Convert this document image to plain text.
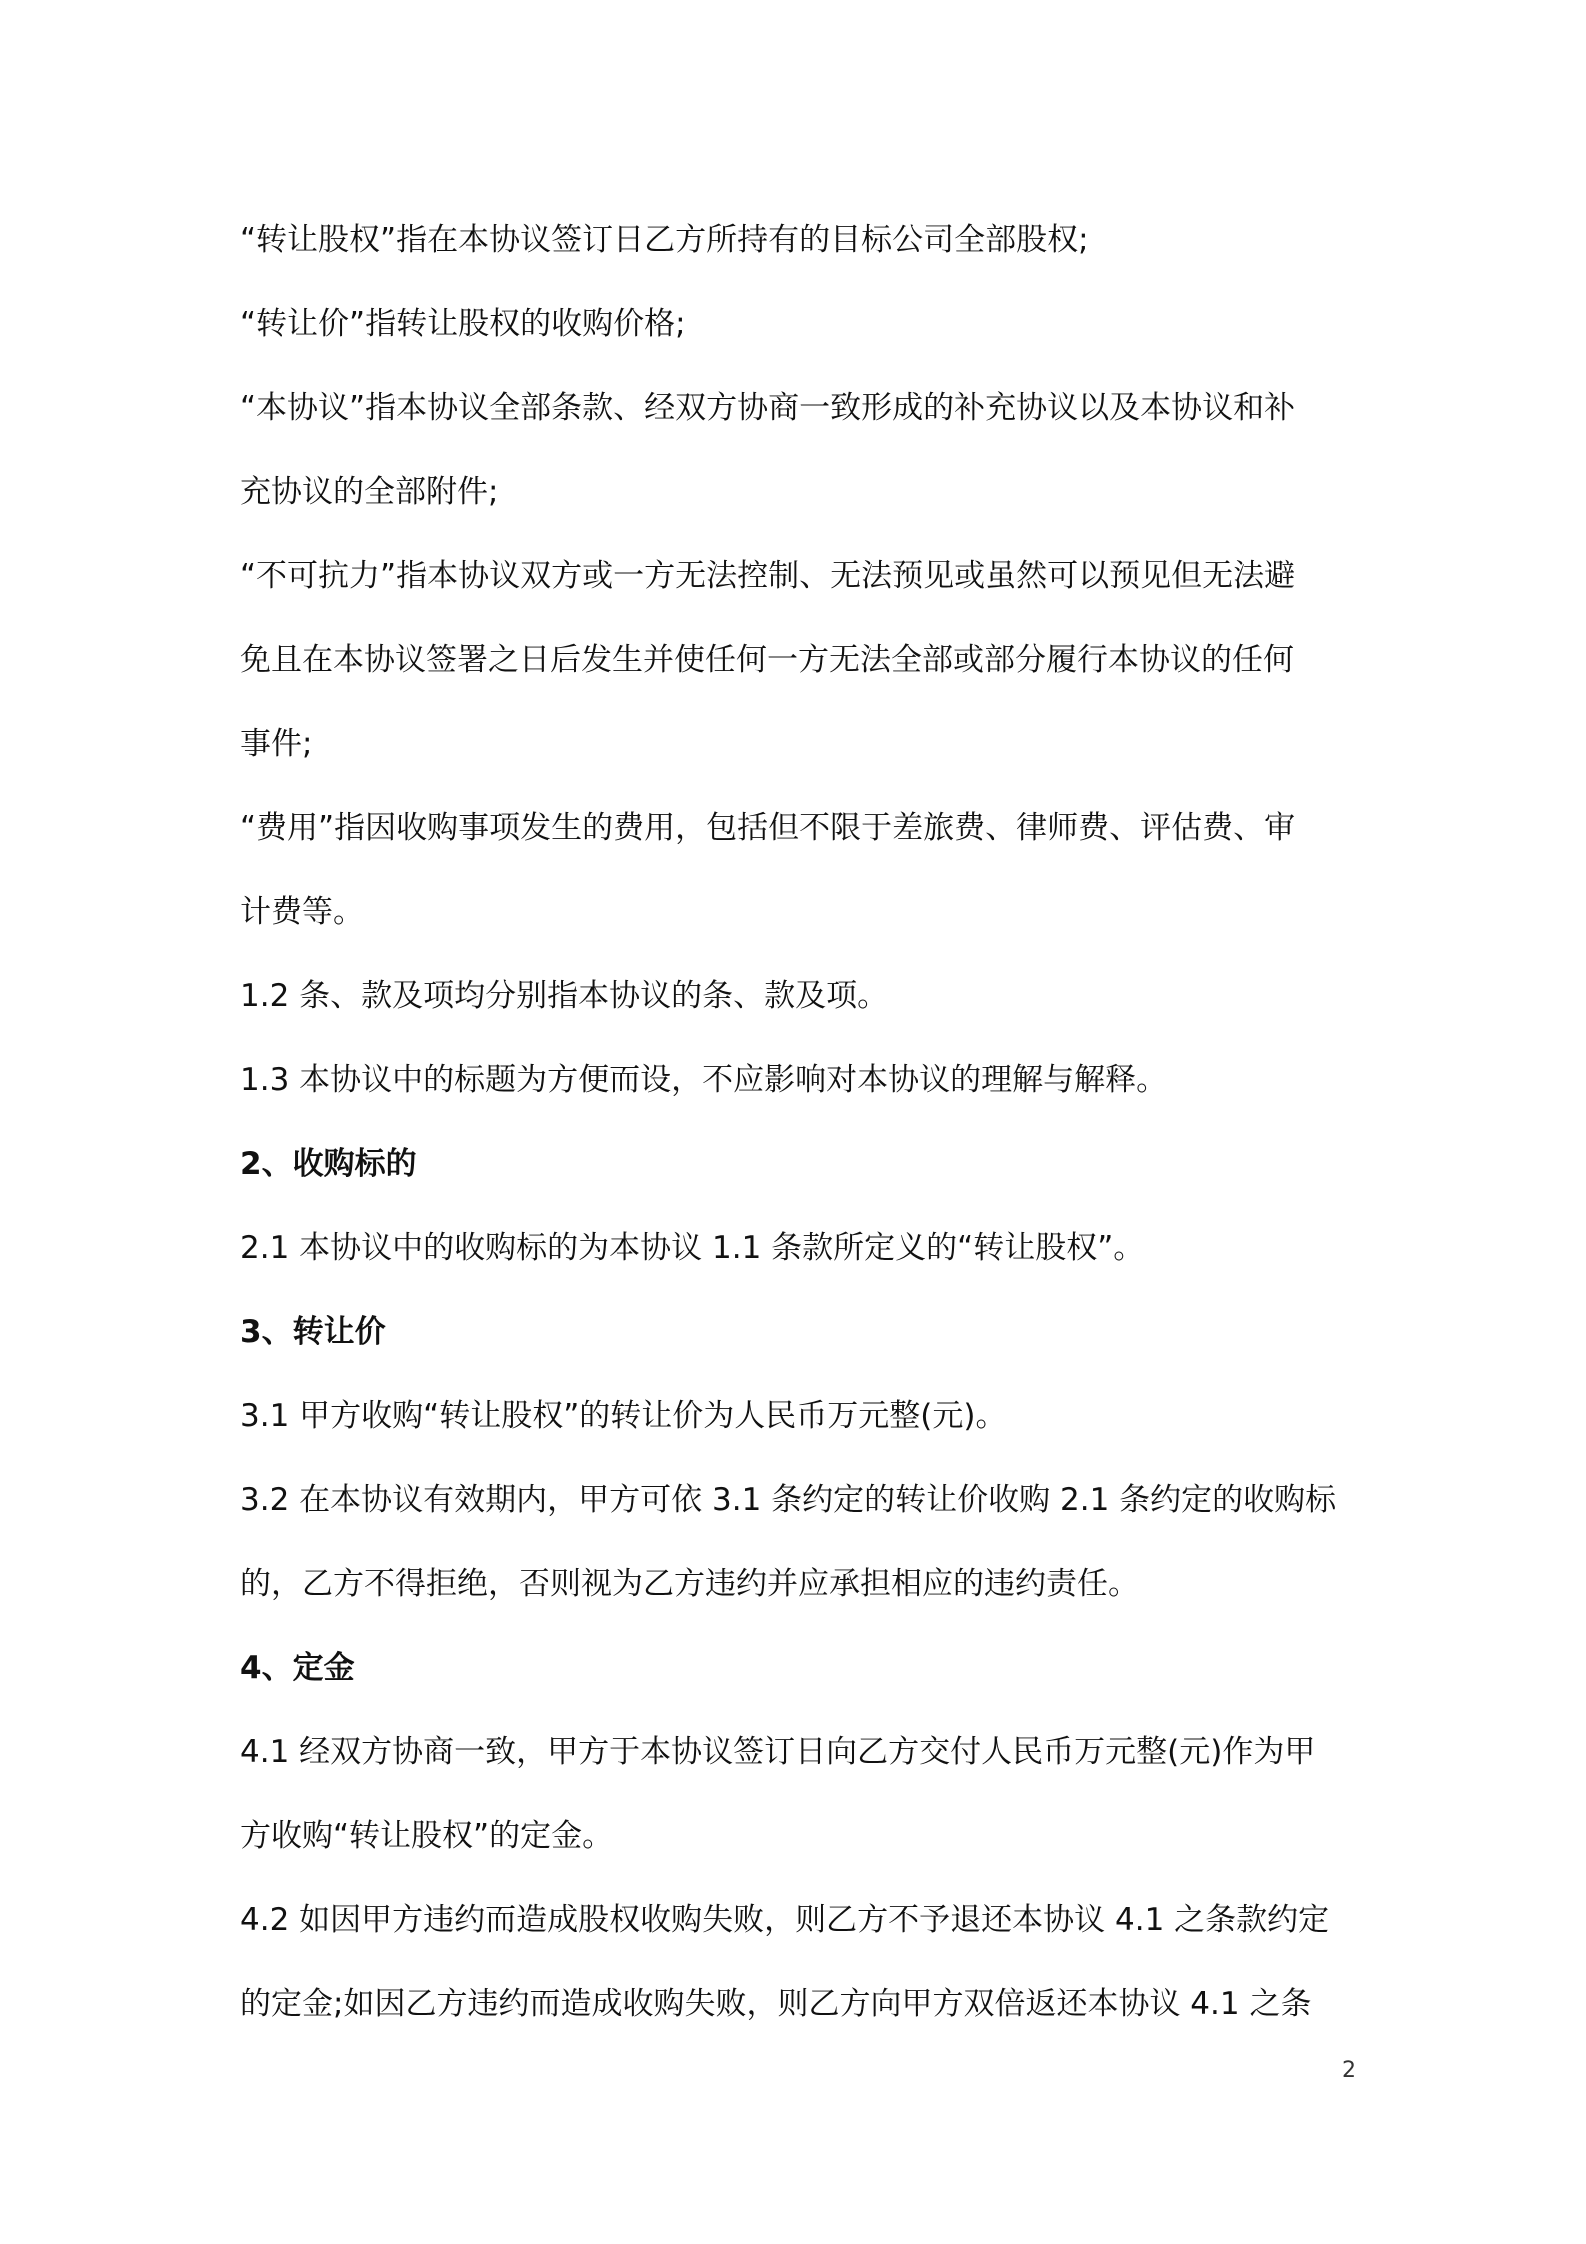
“转让股权”指在本协议签订日乙方所持有的目标公司全部股权;
“转让价”指转让股权的收购价格;
“本协议”指本协议全部条款、经双方协商一致形成的补充协议以及本协议和补
充协议的全部附件;
“不可抗力”指本协议双方或一方无法控制、无法预见或虽然可以预见但无法避
免且在本协议签署之日后发生并使任何一方无法全部或部分履行本协议的任何
事件;
“费用”指因收购事项发生的费用，包括但不限于差旅费、律师费、评估费、审
计费等。
1.2 条、款及项均分别指本协议的条、款及项。
1.3 本协议中的标题为方便而设，不应影响对本协议的理解与解释。
2、收购标的
2.1 本协议中的收购标的为本协议 1.1 条款所定义的“转让股权”。
3、转让价
3.1 甲方收购“转让股权”的转让价为人民币万元整(元)。
3.2 在本协议有效期内，甲方可依 3.1 条约定的转让价收购 2.1 条约定的收购标
的，乙方不得拒绝，否则视为乙方违约并应承担相应的违约责任。
4、定金
4.1 经双方协商一致，甲方于本协议签订日向乙方交付人民币万元整(元)作为甲
方收购“转让股权”的定金。
4.2 如因甲方违约而造成股权收购失败，则乙方不予退还本协议 4.1 之条款约定
的定金;如因乙方违约而造成收购失败，则乙方向甲方双倍返还本协议 4.1 之条
2
